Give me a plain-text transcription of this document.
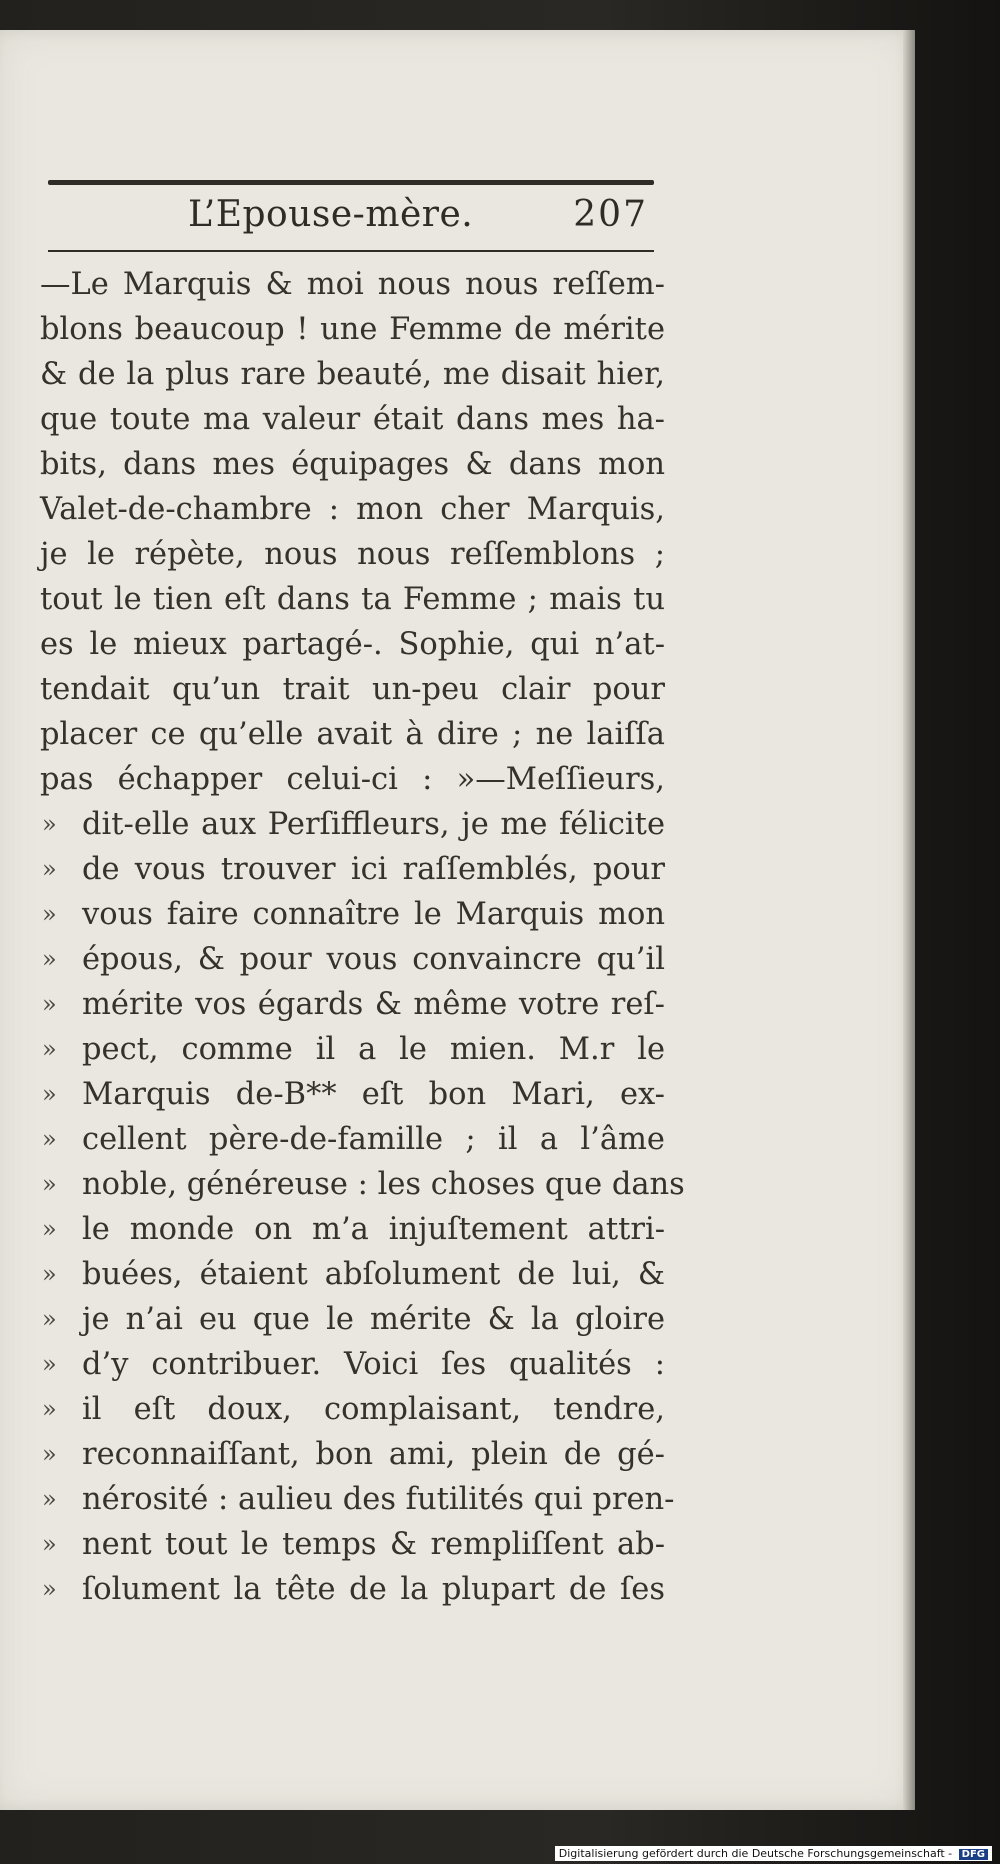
L’Epouse-mère.	207
—Le Marquis & moi nous nous reſſem-
blons beaucoup ! une Femme de mérite
& de la plus rare beauté, me disait hier,
que toute ma valeur était dans mes ha-
bits, dans mes équipages & dans mon
Valet-de-chambre : mon cher Marquis,
je le répète, nous nous reſſemblons ;
tout le tien eſt dans ta Femme ; mais tu
es le mieux partagé-. Sophie, qui n’at-
tendait qu’un trait un-peu clair pour
placer ce qu’elle avait à dire ; ne laiſſa
pas échapper celui-ci : »—Meſſieurs,
» dit-elle aux Perſiffleurs, je me félicite
» de vous trouver ici raſſemblés, pour
» vous faire connaître le Marquis mon
» épous, & pour vous convaincre qu’il
» mérite vos égards & même votre reſ-
» pect, comme il a le mien. M.r le
» Marquis de-B** eſt bon Mari, ex-
» cellent père-de-famille ; il a l’âme
» noble, généreuse : les choses que dans
» le monde on m’a injuſtement attri-
» buées, étaient abſolument de lui, &
» je n’ai eu que le mérite & la gloire
» d’y contribuer. Voici ſes qualités :
» il eſt doux, complaisant, tendre,
» reconnaiſſant, bon ami, plein de gé-
» nérosité : aulieu des futilités qui pren-
» nent tout le temps & rempliſſent ab-
» ſolument la tête de la plupart de ſes
Digitalisierung gefördert durch die Deutsche Forschungsgemeinschaft - DFG
